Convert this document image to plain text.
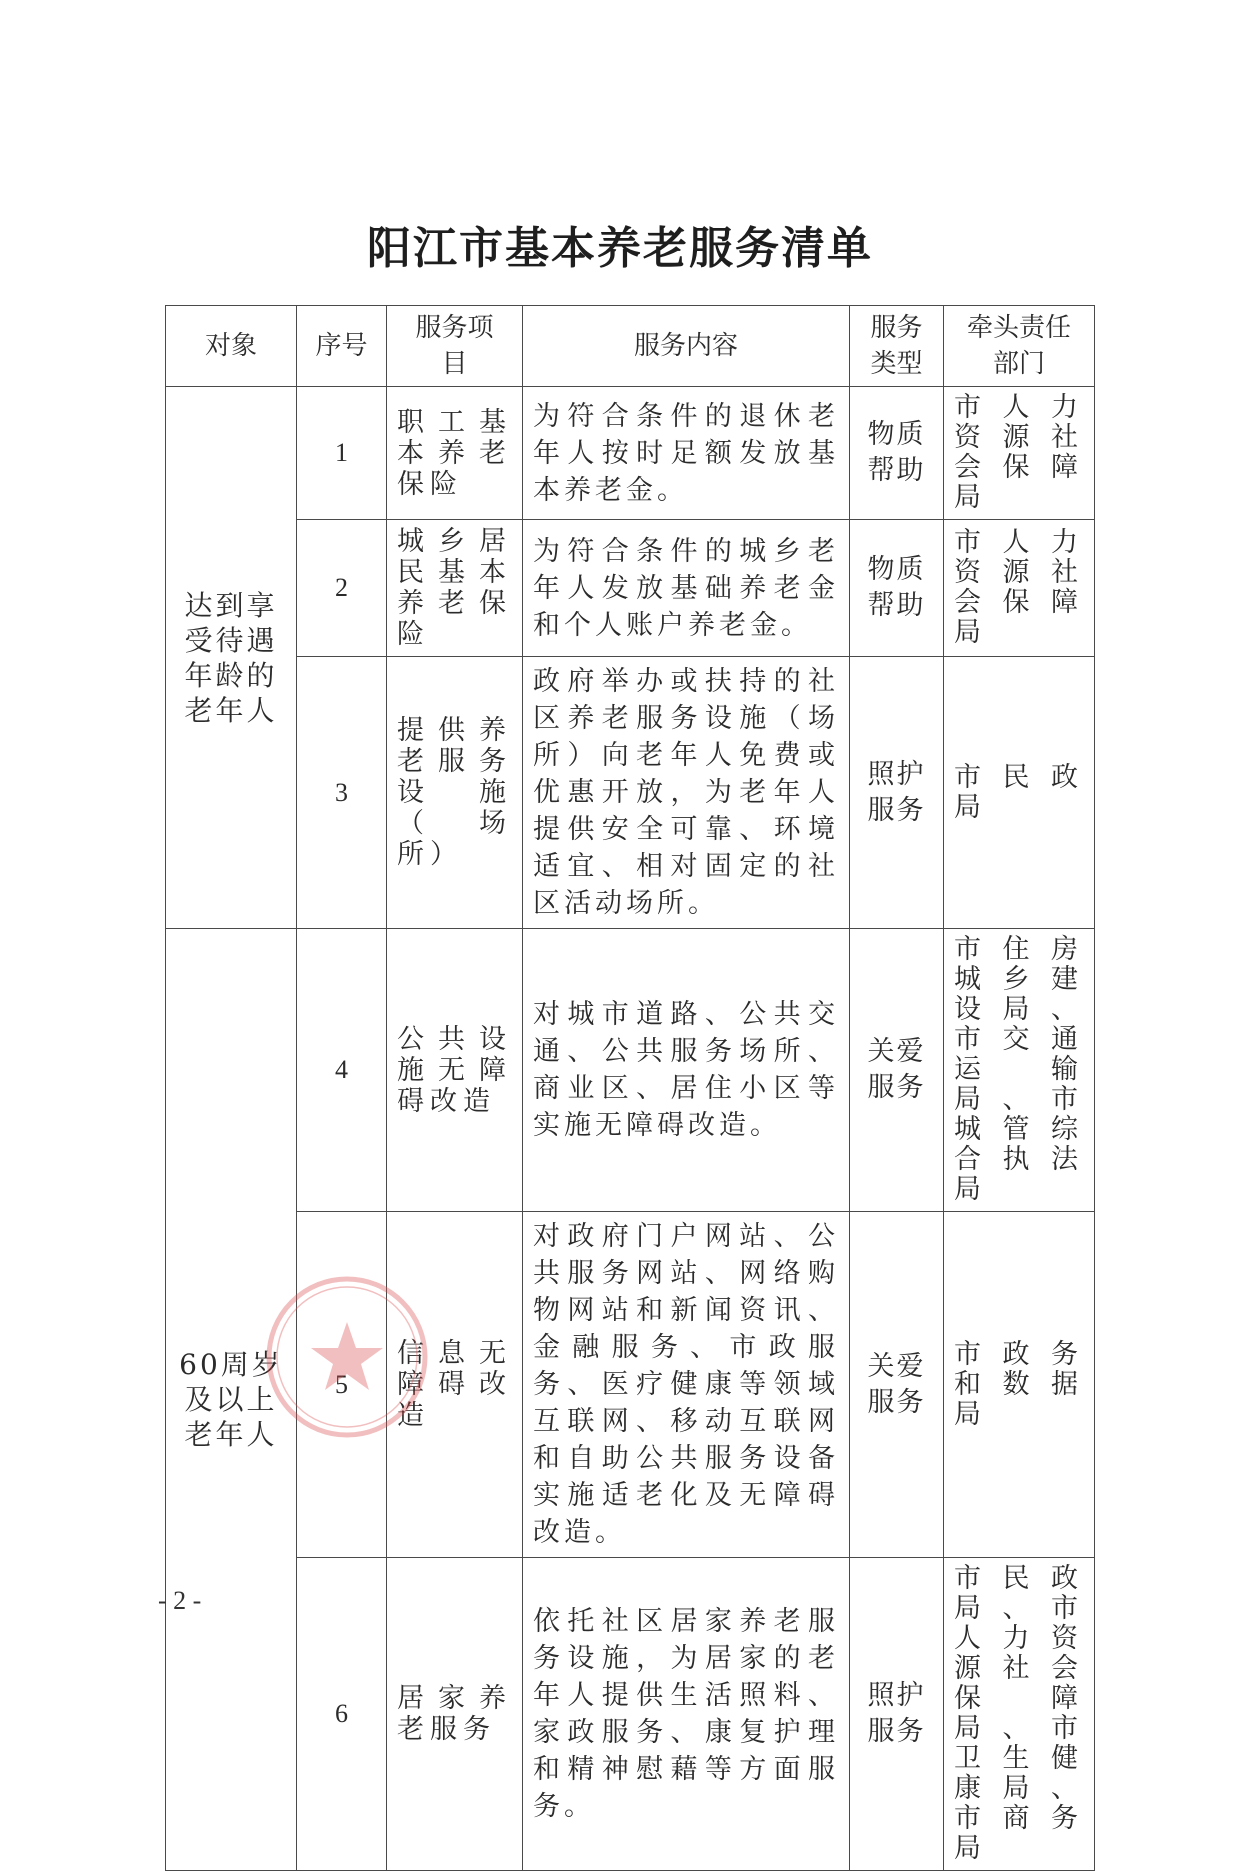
阳江市基本养老服务清单
对象	序号	服务项目	服务内容	服务类型	牵头责任部门
达到享受待遇年龄的老年人	1	职工基本养老保险	为符合条件的退休老年人按时足额发放基本养老金。	物质帮助	市人力资源社会保障局
	2	城乡居民基本养老保险	为符合条件的城乡老年人发放基础养老金和个人账户养老金。	物质帮助	市人力资源社会保障局
	3	提供养老服务设施（场所）	政府举办或扶持的社区养老服务设施（场所）向老年人免费或优惠开放，为老年人提供安全可靠、环境适宜、相对固定的社区活动场所。	照护服务	市民政局
60周岁及以上老年人	4	公共设施无障碍改造	对城市道路、公共交通、公共服务场所、商业区、居住小区等实施无障碍改造。	关爱服务	市住房城乡建设局、市交通运输局、市城管综合执法局
	5	信息无障碍改造	对政府门户网站、公共服务网站、网络购物网站和新闻资讯、金融服务、市政服务、医疗健康等领域互联网、移动互联网和自助公共服务设备实施适老化及无障碍改造。	关爱服务	市政务和数据局
	6	居家养老服务	依托社区居家养老服务设施，为居家的老年人提供生活照料、家政服务、康复护理和精神慰藉等方面服务。	照护服务	市民政局、市人力资源社会保障局、市卫生健康局、市商务局
- 2 -
